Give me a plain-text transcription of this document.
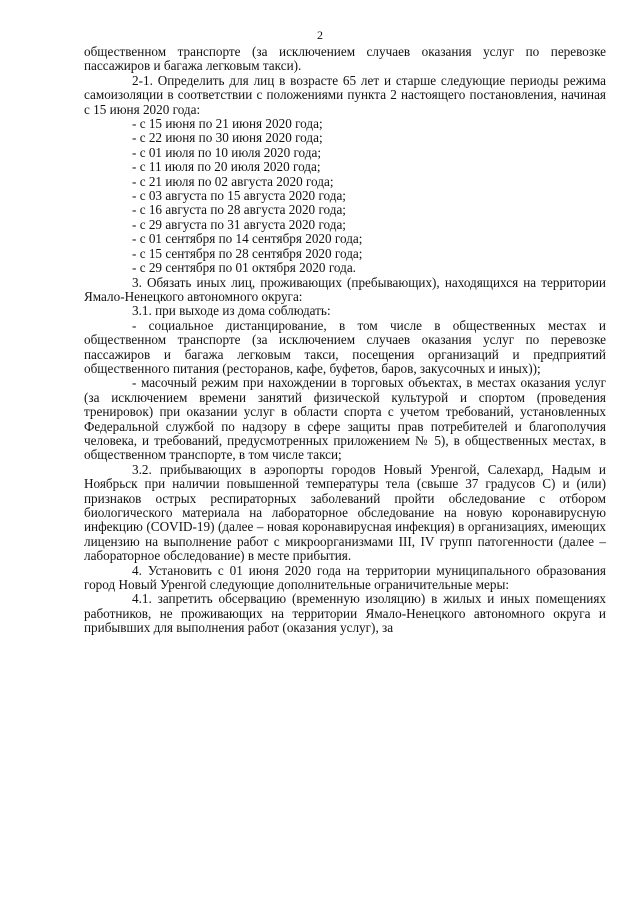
2

общественном транспорте (за исключением случаев оказания услуг по перевозке пассажиров и багажа легковым такси).

2-1. Определить для лиц в возрасте 65 лет и старше следующие периоды режима самоизоляции в соответствии с положениями пункта 2 настоящего постановления, начиная с 15 июня 2020 года:

- с 15 июня по 21 июня 2020 года;
- с 22 июня по 30 июня 2020 года;
- с 01 июля по 10 июля 2020 года;
- с 11 июля по 20 июля 2020 года;
- с 21 июля по 02 августа 2020 года;
- с 03 августа по 15 августа 2020 года;
- с 16 августа по 28 августа 2020 года;
- с 29 августа по 31 августа 2020 года;
- с 01 сентября по 14 сентября 2020 года;
- с 15 сентября по 28 сентября 2020 года;
- с 29 сентября по 01 октября 2020 года.

3. Обязать иных лиц, проживающих (пребывающих), находящихся на территории Ямало-Ненецкого автономного округа:

3.1. при выходе из дома соблюдать:

- социальное дистанцирование, в том числе в общественных местах и общественном транспорте (за исключением случаев оказания услуг по перевозке пассажиров и багажа легковым такси, посещения организаций и предприятий общественного питания (ресторанов, кафе, буфетов, баров, закусочных и иных));

- масочный режим при нахождении в торговых объектах, в местах оказания услуг (за исключением времени занятий физической культурой и спортом (проведения тренировок) при оказании услуг в области спорта с учетом требований, установленных Федеральной службой по надзору в сфере защиты прав потребителей и благополучия человека, и требований, предусмотренных приложением № 5), в общественных местах, в общественном транспорте, в том числе такси;

3.2. прибывающих в аэропорты городов Новый Уренгой, Салехард, Надым и Ноябрьск при наличии повышенной температуры тела (свыше 37 градусов С) и (или) признаков острых респираторных заболеваний пройти обследование с отбором биологического материала на лабораторное обследование на новую коронавирусную инфекцию (COVID-19) (далее – новая коронавирусная инфекция) в организациях, имеющих лицензию на выполнение работ с микроорганизмами III, IV групп патогенности (далее – лабораторное обследование) в месте прибытия.

4. Установить с 01 июня 2020 года на территории муниципального образования город Новый Уренгой следующие дополнительные ограничительные меры:

4.1. запретить обсервацию (временную изоляцию) в жилых и иных помещениях работников, не проживающих на территории Ямало-Ненецкого автономного округа и прибывших для выполнения работ (оказания услуг), за
